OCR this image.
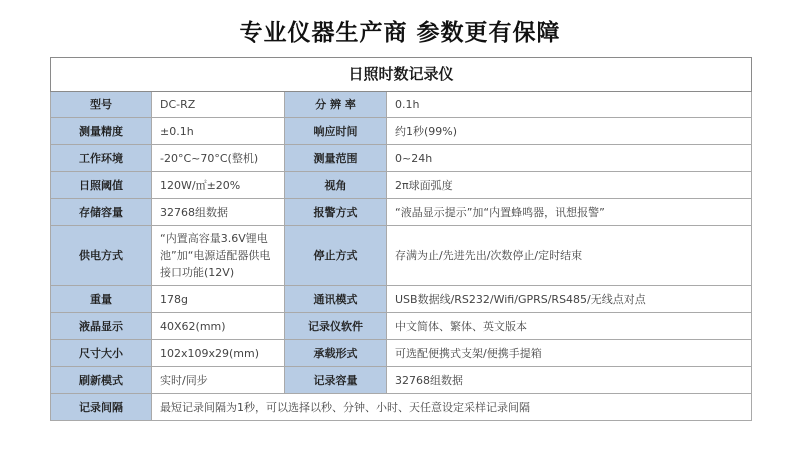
专业仪器生产商 参数更有保障
日照时数记录仪			
型号	DC-RZ	分 辨 率	0.1h
测量精度	±0.1h	响应时间	约1秒(99%)
工作环境	-20°C~70°C(整机)	测量范围	0~24h
日照阈值	120W/㎡±20%	视角	2π球面弧度
存储容量	32768组数据	报警方式	“液晶显示提示”加“内置蜂鸣器，讯想报警”
供电方式	“内置高容量3.6V锂电池”加“电源适配器供电接口功能(12V)	停止方式	存满为止/先进先出/次数停止/定时结束
重量	178g	通讯模式	USB数据线/RS232/Wifi/GPRS/RS485/无线点对点
液晶显示	40X62(mm)	记录仪软件	中文简体、繁体、英文版本
尺寸大小	102x109x29(mm)	承载形式	可选配便携式支架/便携手提箱
刷新模式	实时/同步	记录容量	32768组数据
记录间隔	最短记录间隔为1秒，可以选择以秒、分钟、小时、天任意设定采样记录间隔		
